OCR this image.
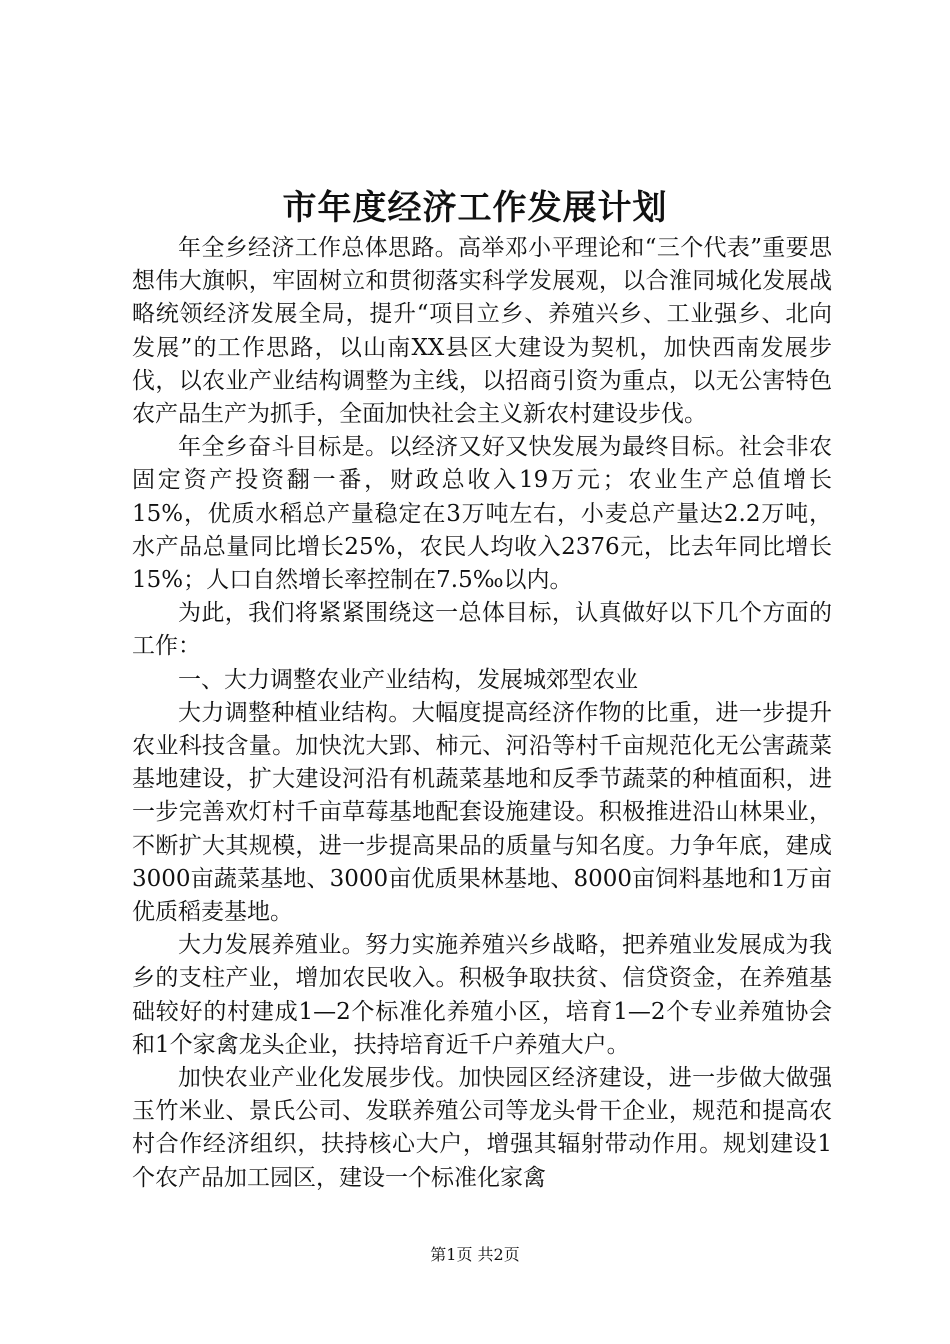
市年度经济工作发展计划

年全乡经济工作总体思路。高举邓小平理论和“三个代表”重要思想伟大旗帜，牢固树立和贯彻落实科学发展观，以合淮同城化发展战略统领经济发展全局，提升“项目立乡、养殖兴乡、工业强乡、北向发展”的工作思路，以山南XX县区大建设为契机，加快西南发展步伐，以农业产业结构调整为主线，以招商引资为重点，以无公害特色农产品生产为抓手，全面加快社会主义新农村建设步伐。

年全乡奋斗目标是。以经济又好又快发展为最终目标。社会非农固定资产投资翻一番，财政总收入19万元；农业生产总值增长15%，优质水稻总产量稳定在3万吨左右，小麦总产量达2.2万吨，水产品总量同比增长25%，农民人均收入2376元，比去年同比增长15%；人口自然增长率控制在7.5‰以内。

为此，我们将紧紧围绕这一总体目标，认真做好以下几个方面的工作：

一、大力调整农业产业结构，发展城郊型农业

大力调整种植业结构。大幅度提高经济作物的比重，进一步提升农业科技含量。加快沈大郢、柿元、河沿等村千亩规范化无公害蔬菜基地建设，扩大建设河沿有机蔬菜基地和反季节蔬菜的种植面积，进一步完善欢灯村千亩草莓基地配套设施建设。积极推进沿山林果业，不断扩大其规模，进一步提高果品的质量与知名度。力争年底，建成3000亩蔬菜基地、3000亩优质果林基地、8000亩饲料基地和1万亩优质稻麦基地。

大力发展养殖业。努力实施养殖兴乡战略，把养殖业发展成为我乡的支柱产业，增加农民收入。积极争取扶贫、信贷资金，在养殖基础较好的村建成1—2个标准化养殖小区，培育1—2个专业养殖协会和1个家禽龙头企业，扶持培育近千户养殖大户。

加快农业产业化发展步伐。加快园区经济建设，进一步做大做强玉竹米业、景氏公司、发联养殖公司等龙头骨干企业，规范和提高农村合作经济组织，扶持核心大户，增强其辐射带动作用。规划建设1个农产品加工园区，建设一个标准化家禽

第1页 共2页
